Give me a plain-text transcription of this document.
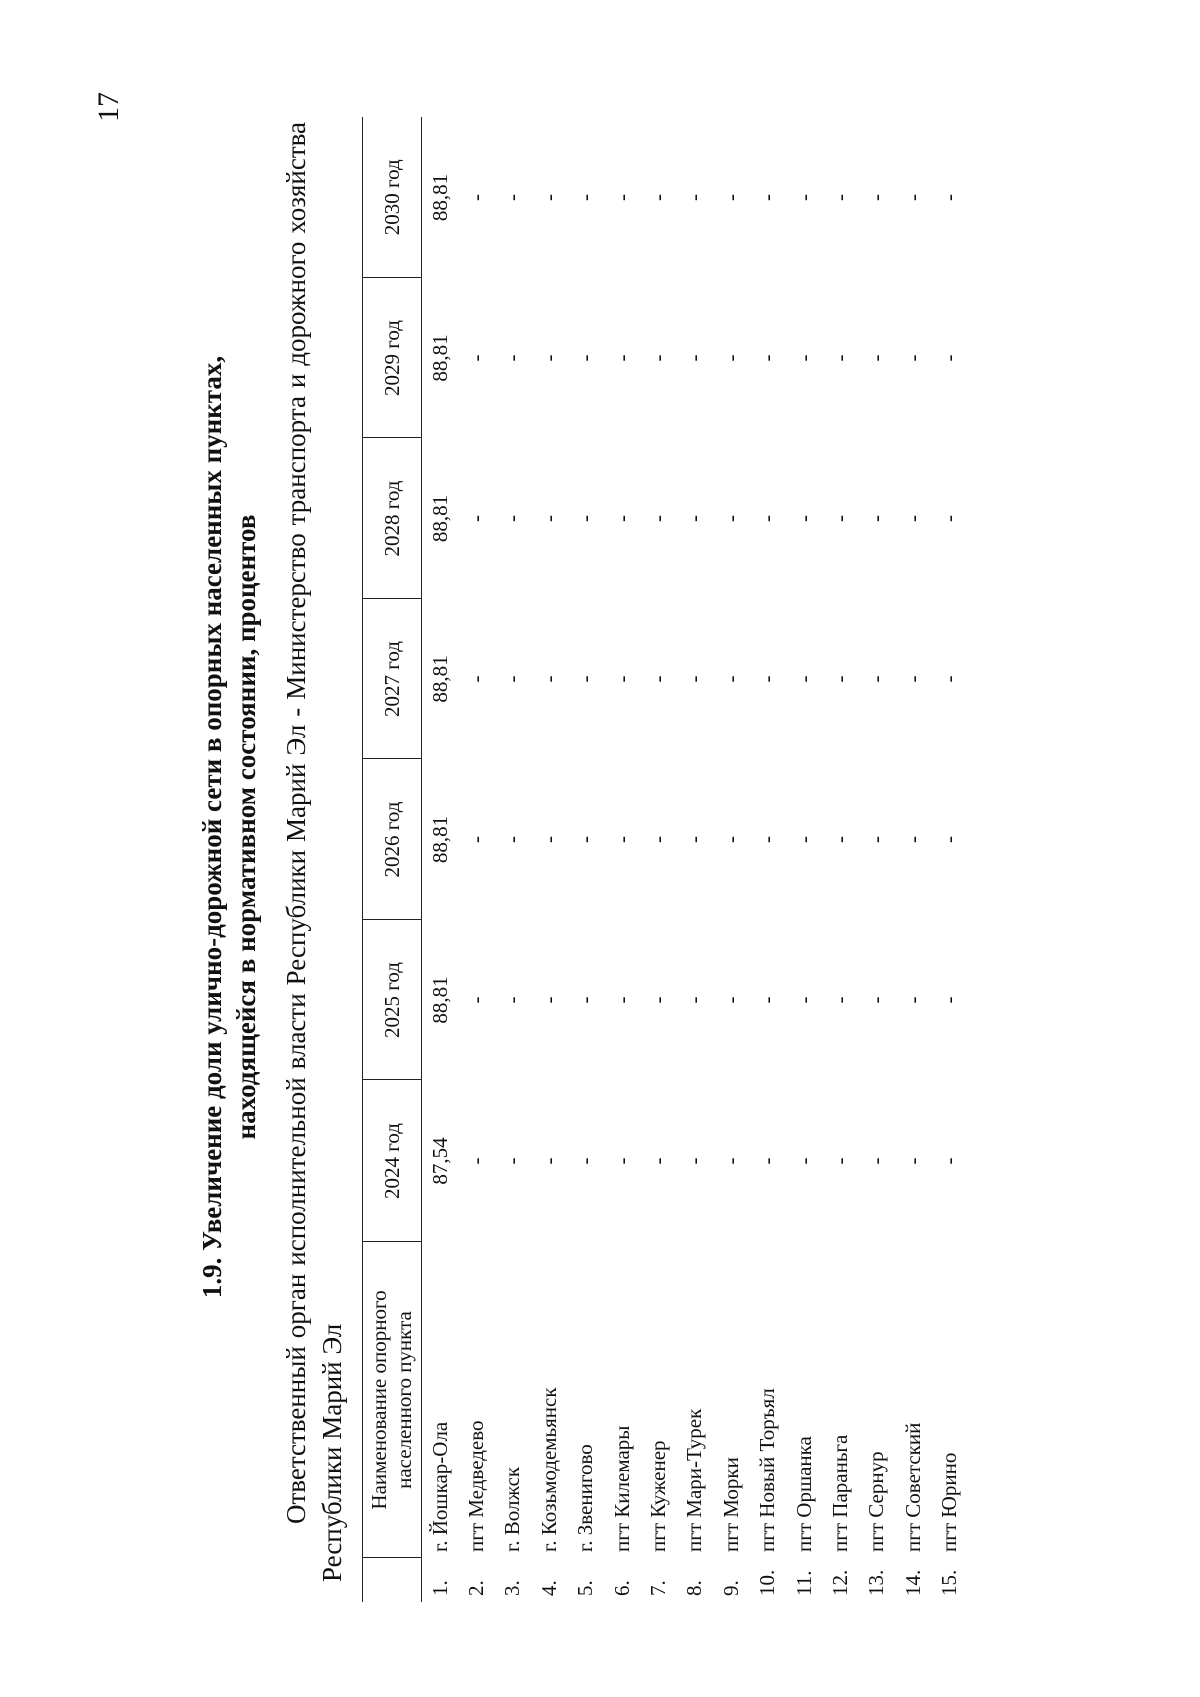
17
1.9. Увеличение доли улично-дорожной сети в опорных населенных пунктах, находящейся в нормативном состоянии, процентов Ответственный орган исполнительной власти Республики Марий Эл - Министерство транспорта и дорожного хозяйства Республики Марий Эл

	Наименование опорного населенного пункта	2024 год	2025 год	2026 год	2027 год	2028 год	2029 год	2030 год
1.	г. Йошкар-Ола	87,54	88,81	88,81	88,81	88,81	88,81	88,81
2.	пгт Медведево	-	-	-	-	-	-	-
3.	г. Волжск	-	-	-	-	-	-	-
4.	г. Козьмодемьянск	-	-	-	-	-	-	-
5.	г. Звенигово	-	-	-	-	-	-	-
6.	пгт Килемары	-	-	-	-	-	-	-
7.	пгт Куженер	-	-	-	-	-	-	-
8.	пгт Мари-Турек	-	-	-	-	-	-	-
9.	пгт Морки	-	-	-	-	-	-	-
10.	пгт Новый Торъял	-	-	-	-	-	-	-
11.	пгт Оршанка	-	-	-	-	-	-	-
12.	пгт Параньга	-	-	-	-	-	-	-
13.	пгт Сернур	-	-	-	-	-	-	-
14.	пгт Советский	-	-	-	-	-	-	-
15.	пгт Юрино	-	-	-	-	-	-	-
